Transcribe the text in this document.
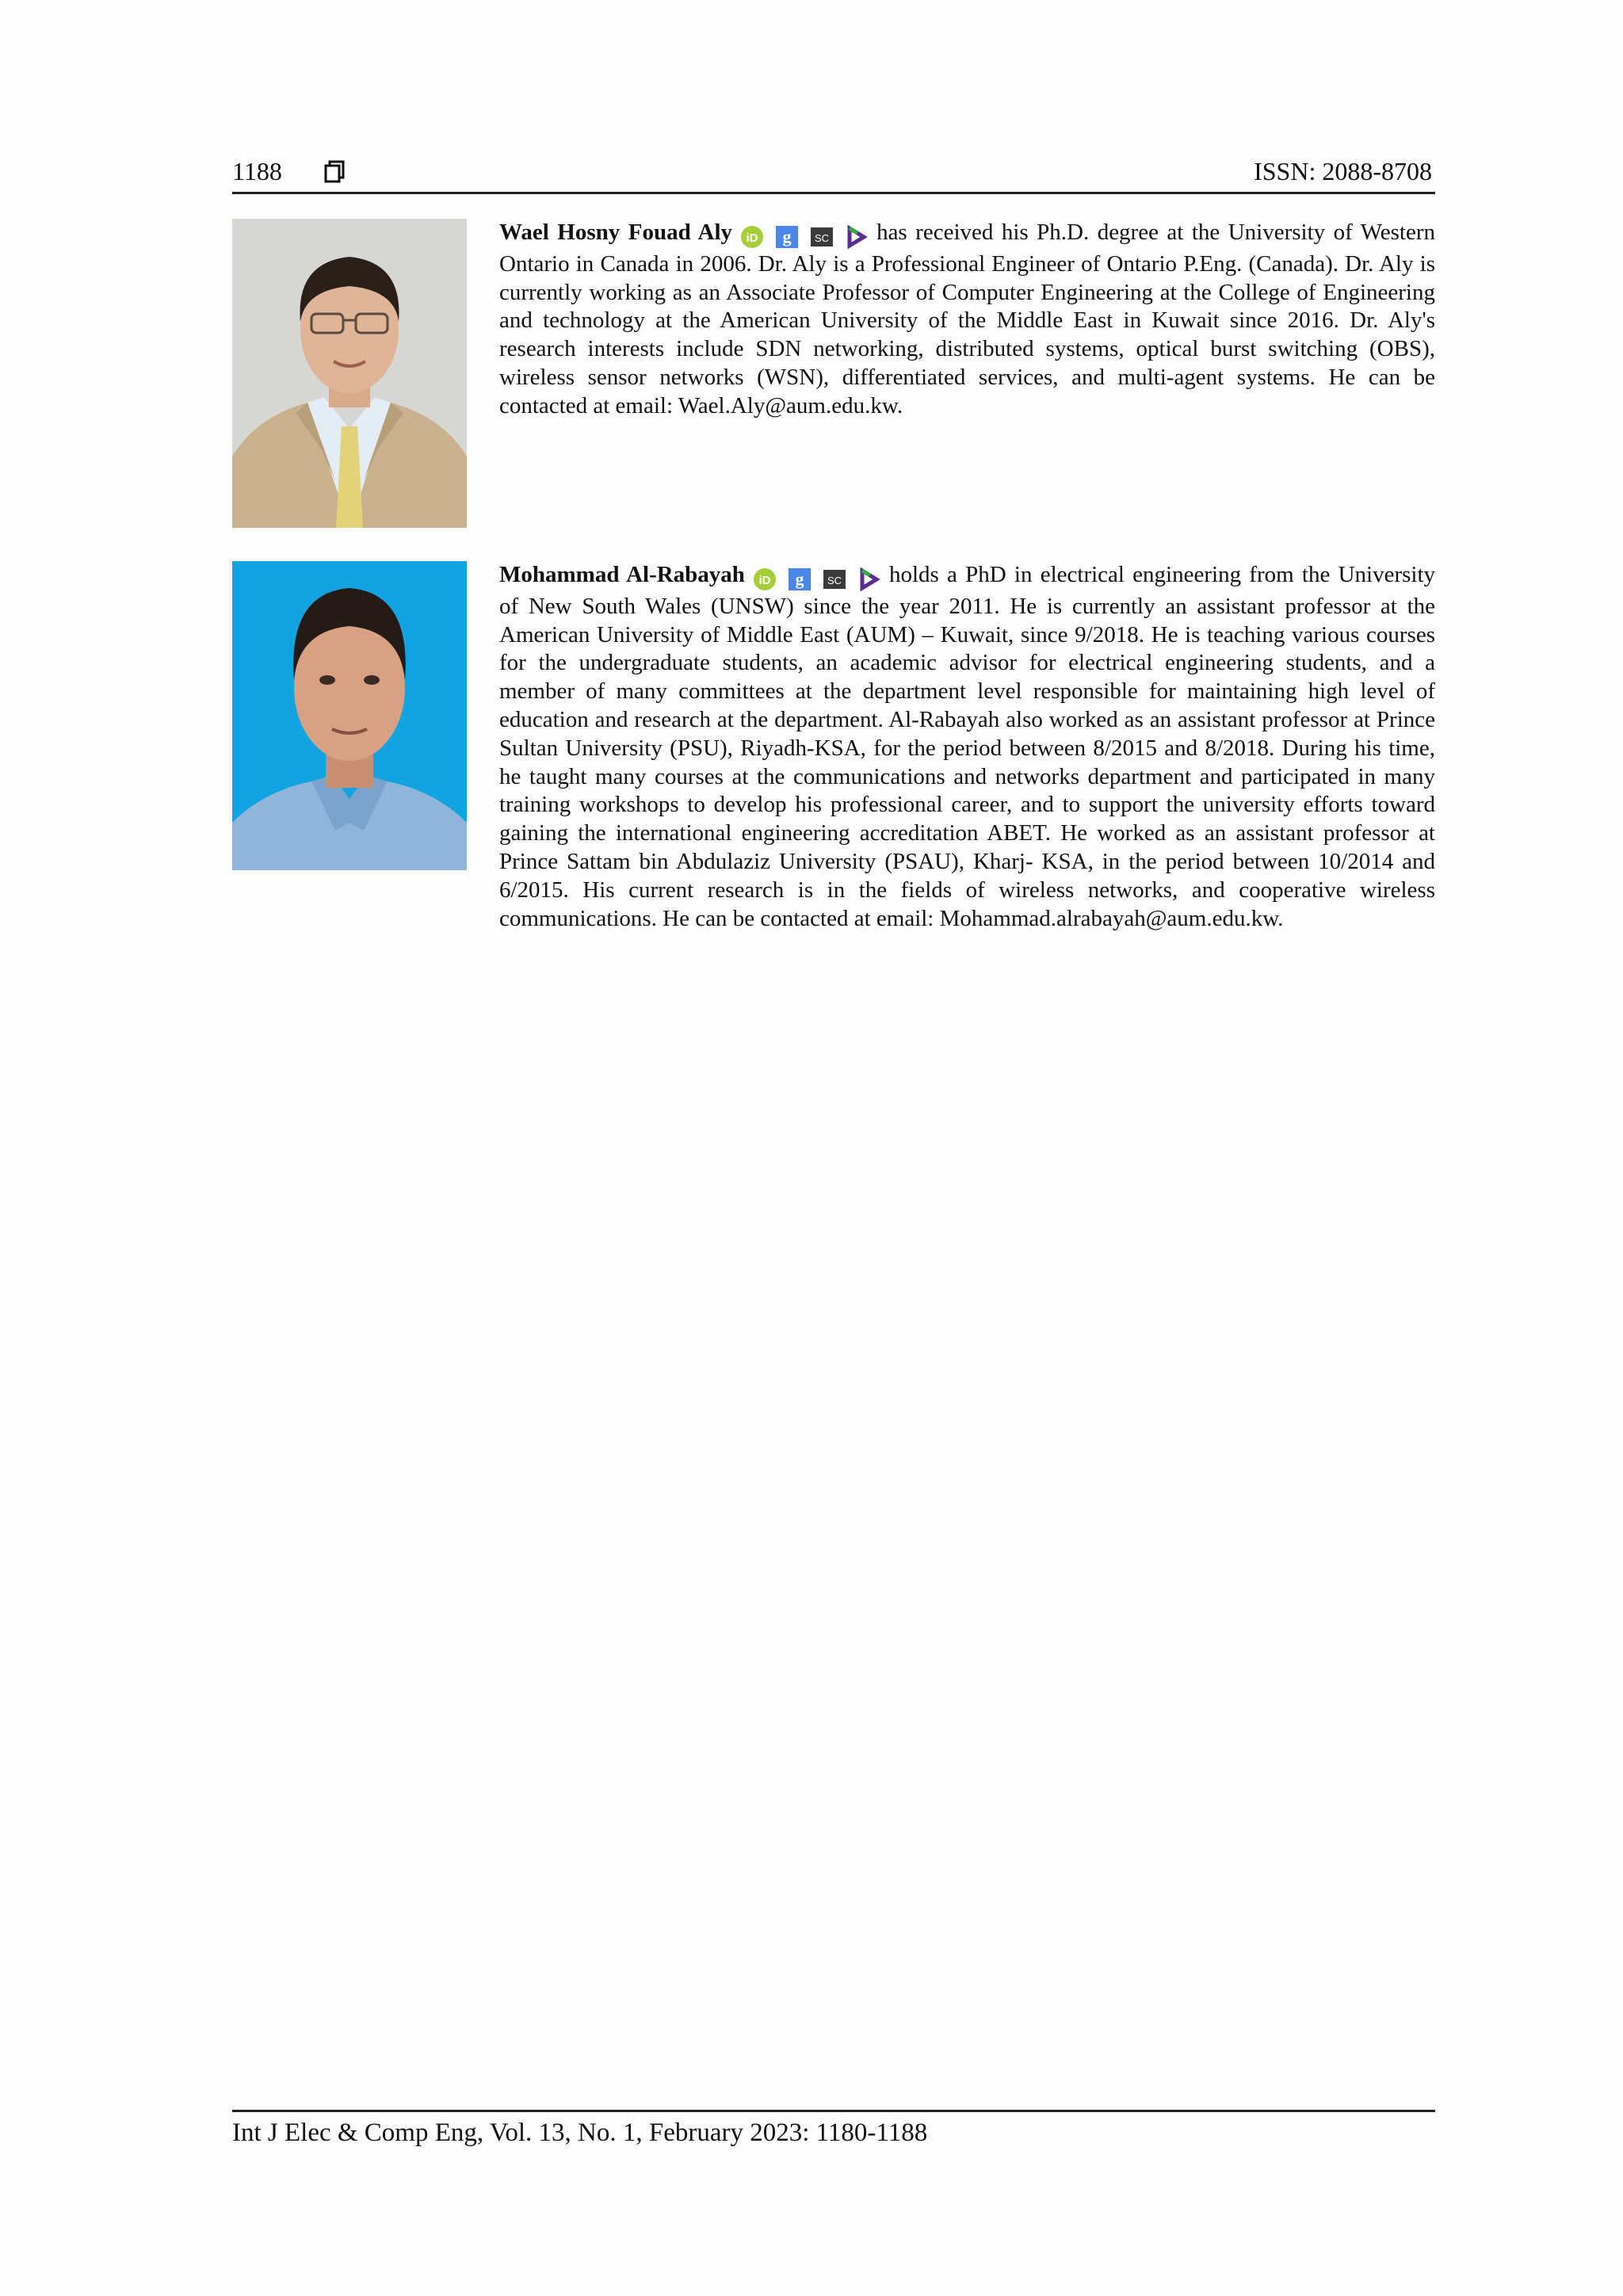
1188	ISSN: 2088-8708
Wael Hosny Fouad Aly iD g SC has received his Ph.D. degree at the University of Western Ontario in Canada in 2006. Dr. Aly is a Professional Engineer of Ontario P.Eng. (Canada). Dr. Aly is currently working as an Associate Professor of Computer Engineering at the College of Engineering and technology at the American University of the Middle East in Kuwait since 2016. Dr. Aly's research interests include SDN networking, distributed systems, optical burst switching (OBS), wireless sensor networks (WSN), differentiated services, and multi-agent systems. He can be contacted at email: Wael.Aly@aum.edu.kw.
Mohammad Al-Rabayah iD g SC holds a PhD in electrical engineering from the University of New South Wales (UNSW) since the year 2011. He is currently an assistant professor at the American University of Middle East (AUM) – Kuwait, since 9/2018. He is teaching various courses for the undergraduate students, an academic advisor for electrical engineering students, and a member of many committees at the department level responsible for maintaining high level of education and research at the department. Al-Rabayah also worked as an assistant professor at Prince Sultan University (PSU), Riyadh-KSA, for the period between 8/2015 and 8/2018. During his time, he taught many courses at the communications and networks department and participated in many training workshops to develop his professional career, and to support the university efforts toward gaining the international engineering accreditation ABET. He worked as an assistant professor at Prince Sattam bin Abdulaziz University (PSAU), Kharj- KSA, in the period between 10/2014 and 6/2015. His current research is in the fields of wireless networks, and cooperative wireless communications. He can be contacted at email: Mohammad.alrabayah@aum.edu.kw.
Int J Elec & Comp Eng, Vol. 13, No. 1, February 2023: 1180-1188
